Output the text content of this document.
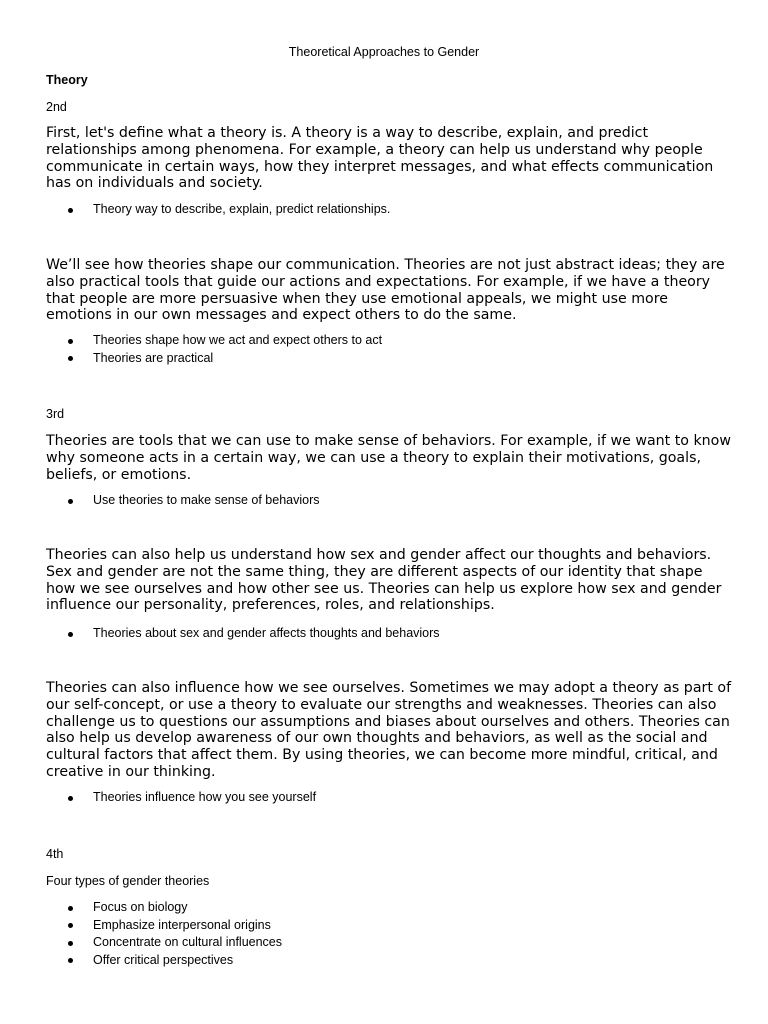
Theoretical Approaches to Gender

Theory

2nd

First, let's define what a theory is. A theory is a way to describe, explain, and predict relationships among phenomena. For example, a theory can help us understand why people communicate in certain ways, how they interpret messages, and what effects communication has on individuals and society.

Theory way to describe, explain, predict relationships.

We’ll see how theories shape our communication. Theories are not just abstract ideas; they are also practical tools that guide our actions and expectations. For example, if we have a theory that people are more persuasive when they use emotional appeals, we might use more emotions in our own messages and expect others to do the same.

Theories shape how we act and expect others to act
Theories are practical

3rd

Theories are tools that we can use to make sense of behaviors. For example, if we want to know why someone acts in a certain way, we can use a theory to explain their motivations, goals, beliefs, or emotions.

Use theories to make sense of behaviors

Theories can also help us understand how sex and gender affect our thoughts and behaviors. Sex and gender are not the same thing, they are different aspects of our identity that shape how we see ourselves and how other see us. Theories can help us explore how sex and gender influence our personality, preferences, roles, and relationships.

Theories about sex and gender affects thoughts and behaviors

Theories can also influence how we see ourselves. Sometimes we may adopt a theory as part of our self-concept, or use a theory to evaluate our strengths and weaknesses. Theories can also challenge us to questions our assumptions and biases about ourselves and others. Theories can also help us develop awareness of our own thoughts and behaviors, as well as the social and cultural factors that affect them. By using theories, we can become more mindful, critical, and creative in our thinking.

Theories influence how you see yourself

4th

Four types of gender theories

Focus on biology
Emphasize interpersonal origins
Concentrate on cultural influences
Offer critical perspectives
